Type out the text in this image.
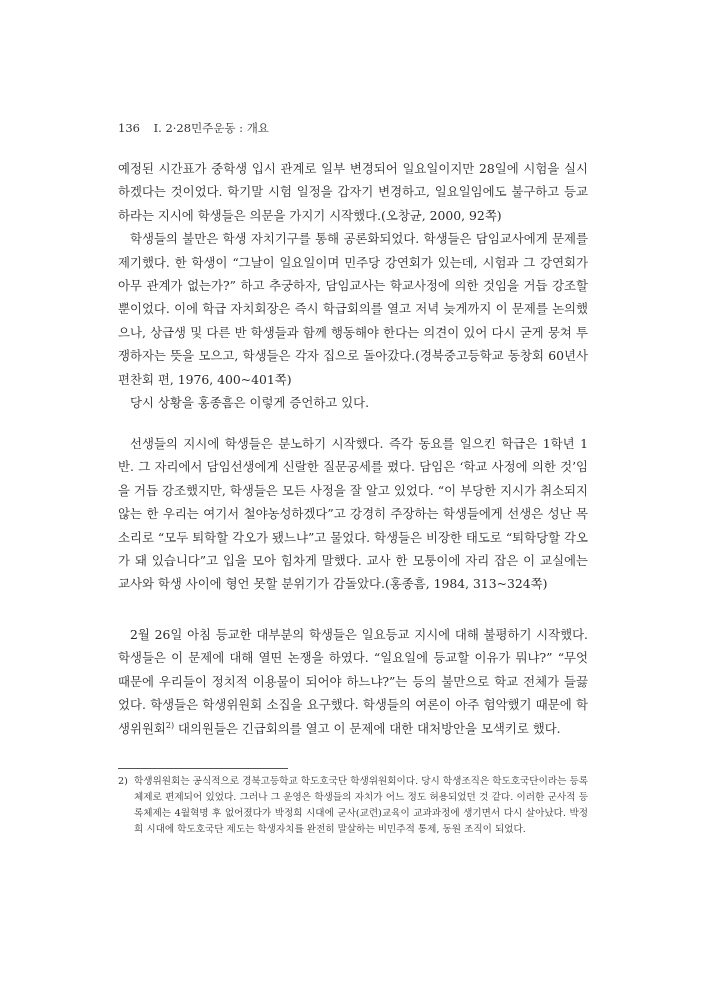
136 Ⅰ. 2·28민주운동 : 개요

예정된 시간표가 중학생 입시 관계로 일부 변경되어 일요일이지만 28일에 시험을 실시하겠다는 것이었다. 학기말 시험 일정을 갑자기 변경하고, 일요일임에도 불구하고 등교하라는 지시에 학생들은 의문을 가지기 시작했다.(오창균, 2000, 92쪽)

학생들의 불만은 학생 자치기구를 통해 공론화되었다. 학생들은 담임교사에게 문제를 제기했다. 한 학생이 “그날이 일요일이며 민주당 강연회가 있는데, 시험과 그 강연회가 아무 관계가 없는가?” 하고 추궁하자, 담임교사는 학교사정에 의한 것임을 거듭 강조할 뿐이었다. 이에 학급 자치회장은 즉시 학급회의를 열고 저녁 늦게까지 이 문제를 논의했으나, 상급생 및 다른 반 학생들과 함께 행동해야 한다는 의견이 있어 다시 굳게 뭉쳐 투쟁하자는 뜻을 모으고, 학생들은 각자 집으로 돌아갔다.(경북중고등학교 동창회 60년사 편찬회 편, 1976, 400~401쪽)

당시 상황을 홍종흠은 이렇게 증언하고 있다.

선생들의 지시에 학생들은 분노하기 시작했다. 즉각 동요를 일으킨 학급은 1학년 1반. 그 자리에서 담임선생에게 신랄한 질문공세를 폈다. 담임은 ‘학교 사정에 의한 것’임을 거듭 강조했지만, 학생들은 모든 사정을 잘 알고 있었다. “이 부당한 지시가 취소되지 않는 한 우리는 여기서 철야농성하겠다”고 강경히 주장하는 학생들에게 선생은 성난 목소리로 “모두 퇴학할 각오가 됐느냐”고 물었다. 학생들은 비장한 태도로 “퇴학당할 각오가 돼 있습니다”고 입을 모아 힘차게 말했다. 교사 한 모퉁이에 자리 잡은 이 교실에는 교사와 학생 사이에 형언 못할 분위기가 감돌았다.(홍종흠, 1984, 313~324쪽)

2월 26일 아침 등교한 대부분의 학생들은 일요등교 지시에 대해 불평하기 시작했다. 학생들은 이 문제에 대해 열띤 논쟁을 하였다. “일요일에 등교할 이유가 뭐냐?” “무엇 때문에 우리들이 정치적 이용물이 되어야 하느냐?”는 등의 불만으로 학교 전체가 들끓었다. 학생들은 학생위원회 소집을 요구했다. 학생들의 여론이 아주 험악했기 때문에 학생위원회$^{2)}$ 대의원들은 긴급회의를 열고 이 문제에 대한 대처방안을 모색키로 했다.

2) 학생위원회는 공식적으로 경북고등학교 학도호국단 학생위원회이다. 당시 학생조직은 학도호국단이라는 등록체제로 편제되어 있었다. 그러나 그 운영은 학생들의 자치가 어느 정도 허용되었던 것 같다. 이러한 군사적 등록체제는 4월혁명 후 없어졌다가 박정희 시대에 군사(교련)교육이 교과과정에 생기면서 다시 살아났다. 박정희 시대에 학도호국단 제도는 학생자치를 완전히 말살하는 비민주적 통제, 동원 조직이 되었다.
